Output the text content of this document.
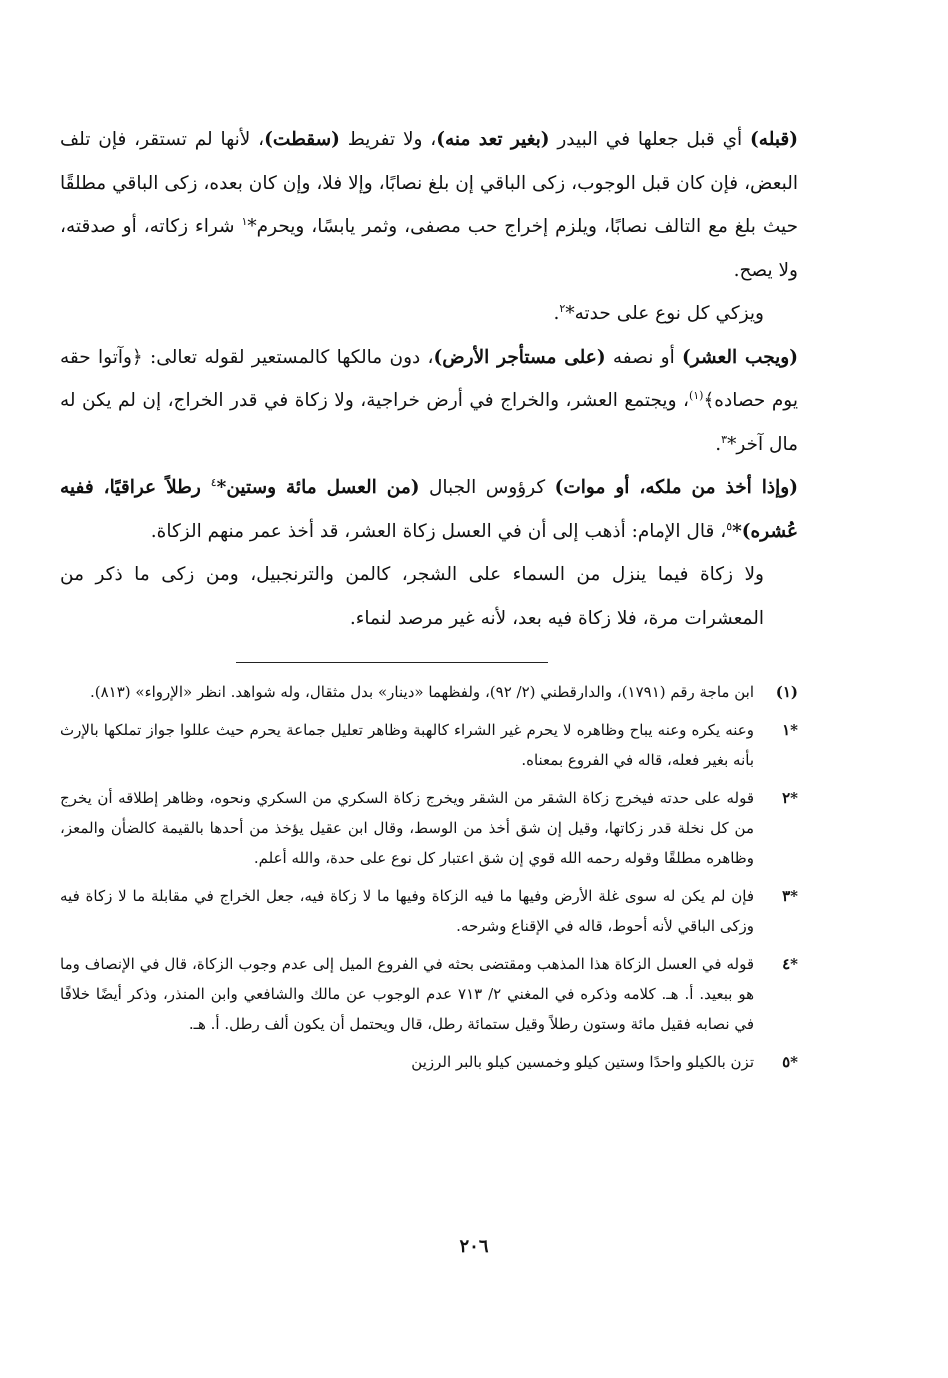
(قبله) أي قبل جعلها في البيدر (بغير تعد منه)، ولا تفريط (سقطت)، لأنها لم تستقر، فإن تلف البعض، فإن كان قبل الوجوب، زكى الباقي إن بلغ نصابًا، وإلا فلا، وإن كان بعده، زكى الباقي مطلقًا حيث بلغ مع التالف نصابًا، ويلزم إخراج حب مصفى، وثمر يابسًا، ويحرم*$^١$ شراء زكاته، أو صدقته، ولا يصح.

ويزكي كل نوع على حدته*$^٢$.

(ويجب العشر) أو نصفه (على مستأجر الأرض)، دون مالكها كالمستعير لقوله تعالى: ﴿وآتوا حقه يوم حصاده﴾$^{(١)}$، ويجتمع العشر، والخراج في أرض خراجية، ولا زكاة في قدر الخراج، إن لم يكن له مال آخر*$^٣$.

(وإذا أخذ من ملكه، أو موات) كرؤوس الجبال (من العسل مائة وستين*$^٤$ رطلاً عراقيًا، ففيه عُشره)*$^٥$، قال الإمام: أذهب إلى أن في العسل زكاة العشر، قد أخذ عمر منهم الزكاة.

ولا زكاة فيما ينزل من السماء على الشجر، كالمن والترنجبيل، ومن زكى ما ذكر من المعشرات مرة، فلا زكاة فيه بعد، لأنه غير مرصد لنماء.

(١)
ابن ماجة رقم (١٧٩١)، والدارقطني (٢/ ٩٢)، ولفظهما «دينار» بدل مثقال، وله شواهد. انظر «الإرواء» (٨١٣).
*١
وعنه يكره وعنه يباح وظاهره لا يحرم غير الشراء كالهبة وظاهر تعليل جماعة يحرم حيث عللوا جواز تملكها بالإرث بأنه بغير فعله، قاله في الفروع بمعناه.
*٢
قوله على حدته فيخرج زكاة الشقر من الشقر ويخرج زكاة السكري من السكري ونحوه، وظاهر إطلاقه أن يخرج من كل نخلة قدر زكاتها، وقيل إن شق أخذ من الوسط، وقال ابن عقيل يؤخذ من أحدها بالقيمة كالضأن والمعز، وظاهره مطلقًا وقوله رحمه الله قوي إن شق اعتبار كل نوع على حدة، والله أعلم.
*٣
فإن لم يكن له سوى غلة الأرض وفيها ما فيه الزكاة وفيها ما لا زكاة فيه، جعل الخراج في مقابلة ما لا زكاة فيه وزكى الباقي لأنه أحوط، قاله في الإقناع وشرحه.
*٤
قوله في العسل الزكاة هذا المذهب ومقتضى بحثه في الفروع الميل إلى عدم وجوب الزكاة، قال في الإنصاف وما هو ببعيد. أ. هـ. كلامه وذكره في المغني ٢/ ٧١٣ عدم الوجوب عن مالك والشافعي وابن المنذر، وذكر أيضًا خلافًا في نصابه فقيل مائة وستون رطلاً وقيل ستمائة رطل، قال ويحتمل أن يكون ألف رطل. أ. هـ.
*٥
تزن بالكيلو واحدًا وستين كيلو وخمسين كيلو بالبر الرزين
٢٠٦
